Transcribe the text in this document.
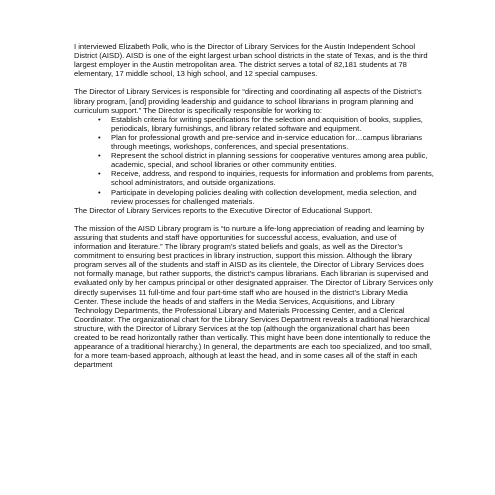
I interviewed Elizabeth Polk, who is the Director of Library Services for the Austin Independent School District (AISD). AISD is one of the eight largest urban school districts in the state of Texas, and is the third largest employer in the Austin metropolitan area. The district serves a total of 82,181 students at 78 elementary, 17 middle school, 13 high school, and 12 special campuses.

The Director of Library Services is responsible for “directing and coordinating all aspects of the District’s library program, [and] providing leadership and guidance to school librarians in program planning and curriculum support.” The Director is specifically responsible for working to:

• Establish criteria for writing specifications for the selection and acquisition of books, supplies, periodicals, library furnishings, and library related software and equipment.
• Plan for professional growth and pre-service and in-service education for…campus librarians through meetings, workshops, conferences, and special presentations.
• Represent the school district in planning sessions for cooperative ventures among area public, academic, special, and school libraries or other community entities.
• Receive, address, and respond to inquiries, requests for information and problems from parents, school administrators, and outside organizations.
• Participate in developing policies dealing with collection development, media selection, and review processes for challenged materials.

The Director of Library Services reports to the Executive Director of Educational Support.

The mission of the AISD Library program is “to nurture a life-long appreciation of reading and learning by assuring that students and staff have opportunities for successful access, evaluation, and use of information and literature.” The library program’s stated beliefs and goals, as well as the Director’s commitment to ensuring best practices in library instruction, support this mission. Although the library program serves all of the students and staff in AISD as its clientele, the Director of Library Services does not formally manage, but rather supports, the district’s campus librarians. Each librarian is supervised and evaluated only by her campus principal or other designated appraiser. The Director of Library Services only directly supervises 11 full-time and four part-time staff who are housed in the district’s Library Media Center. These include the heads of and staffers in the Media Services, Acquisitions, and Library Technology Departments, the Professional Library and Materials Processing Center, and a Clerical Coordinator. The organizational chart for the Library Services Department reveals a traditional hierarchical structure, with the Director of Library Services at the top (although the organizational chart has been created to be read horizontally rather than vertically. This might have been done intentionally to reduce the appearance of a traditional hierarchy.) In general, the departments are each too specialized, and too small, for a more team-based approach, although at least the head, and in some cases all of the staff in each department
